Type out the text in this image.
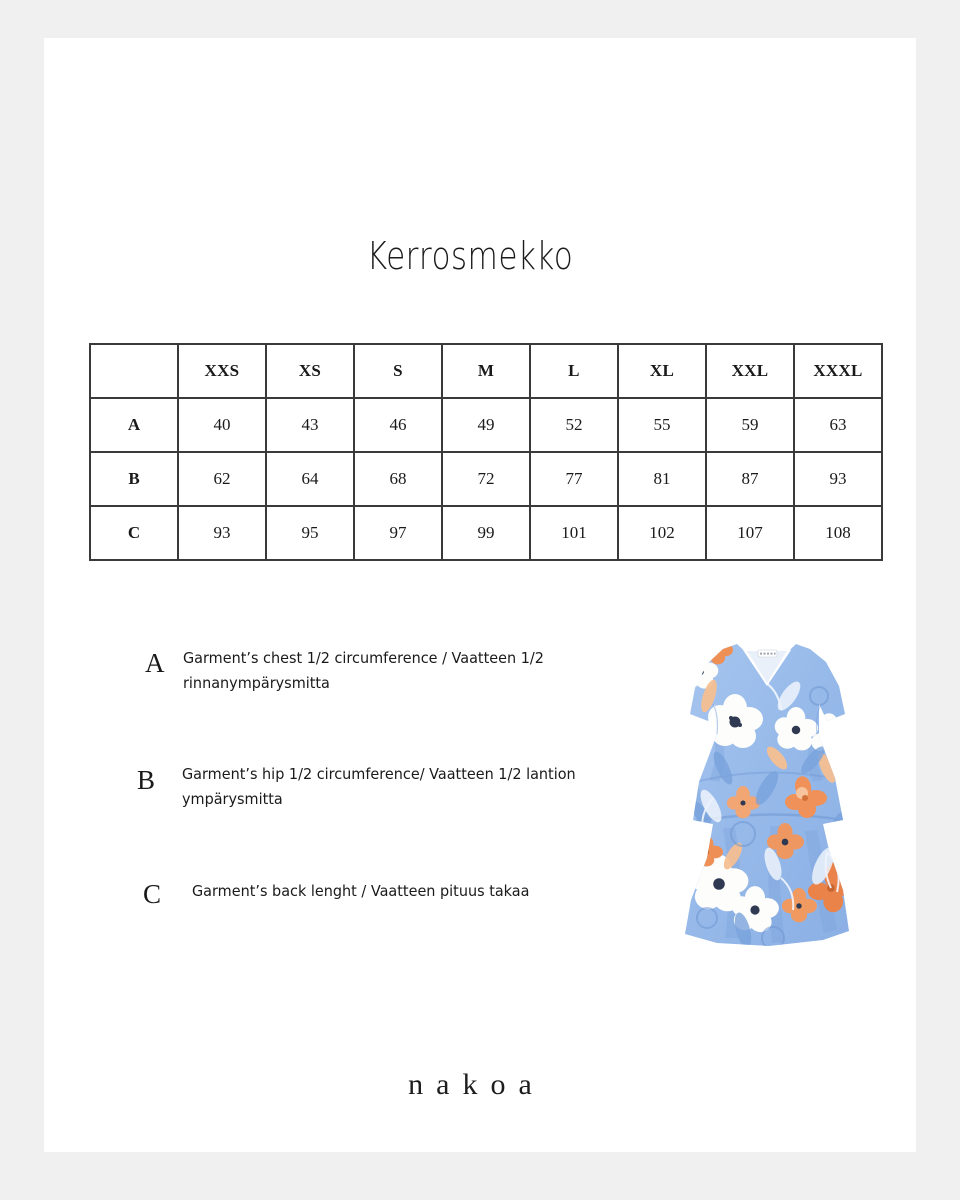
Kerrosmekko
	XXS	XS	S	M	L	XL	XXL	XXXL
A	40	43	46	49	52	55	59	63
B	62	64	68	72	77	81	87	93
C	93	95	97	99	101	102	107	108
A Garment’s chest 1/2 circumference / Vaatteen 1/2 rinnanympärysmitta
B Garment’s hip 1/2 circumference/ Vaatteen 1/2 lantion ympärysmitta
C Garment’s back lenght / Vaatteen pituus takaa
nakoa
